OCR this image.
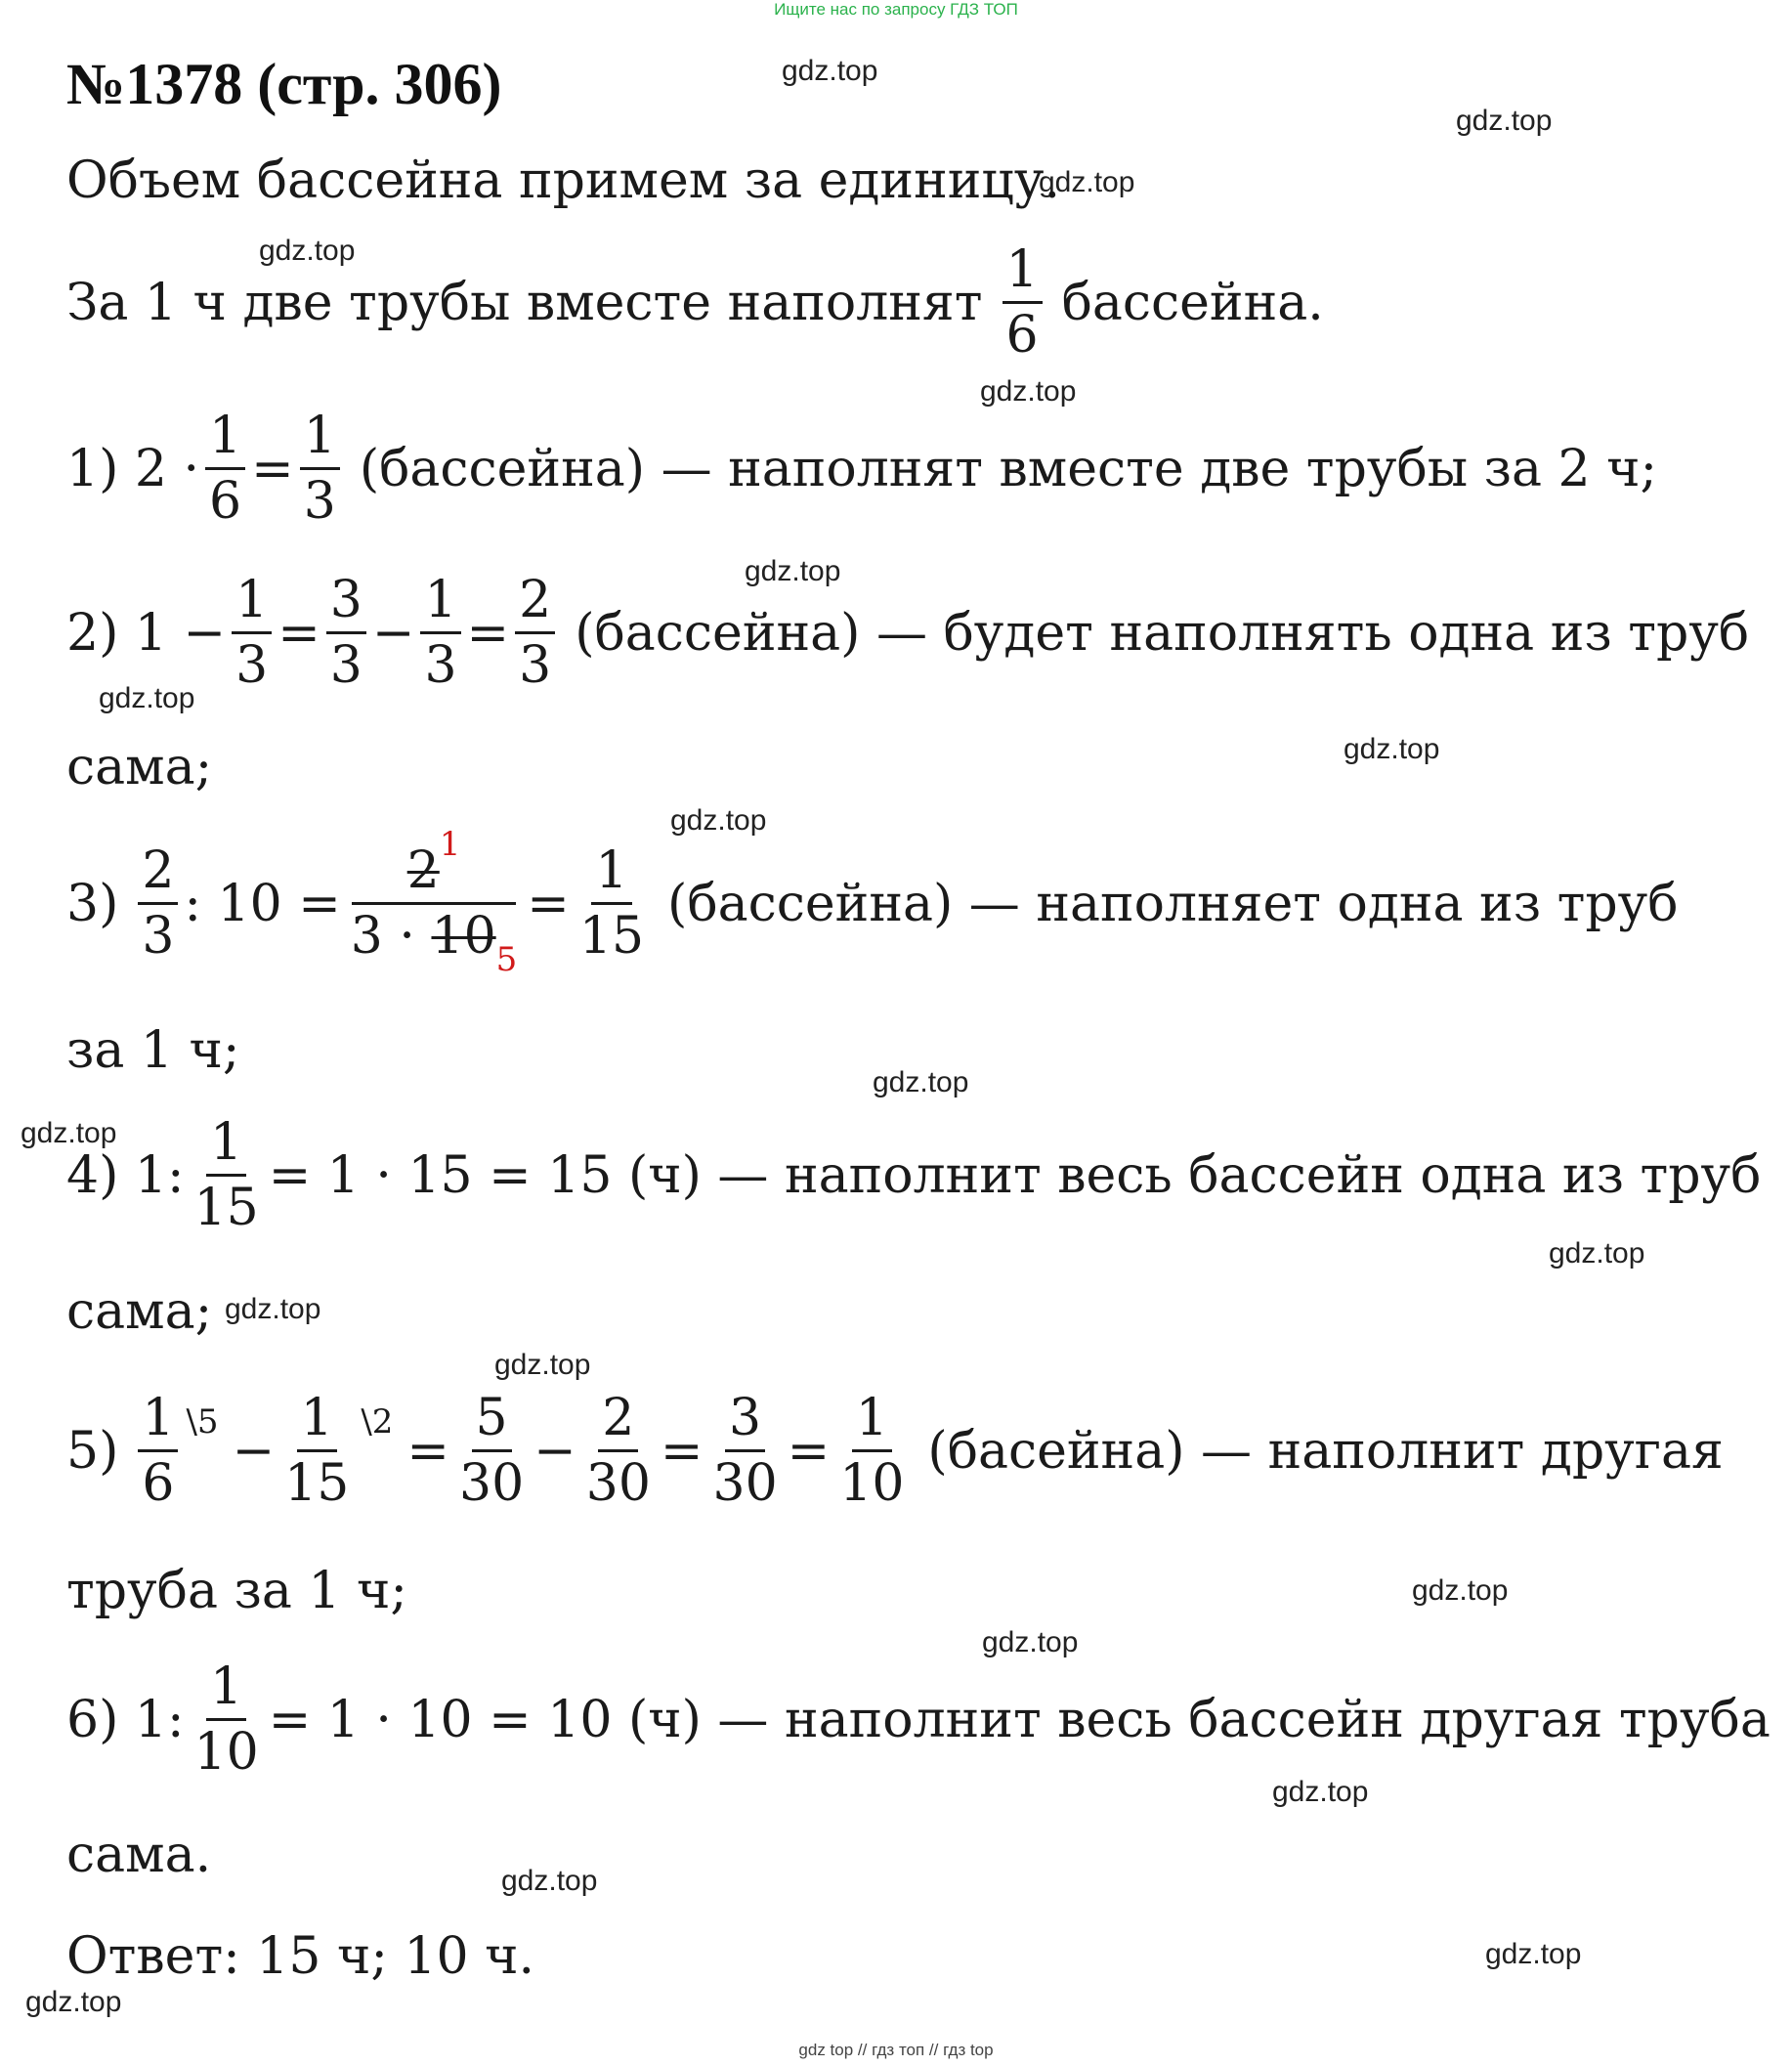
Ищите нас по запросу ГДЗ ТОП
№1378 (стр. 306)	gdz.top
gdz.top
gdz.top
gdz.top
gdz.top
gdz.top
gdz.top
gdz.top
gdz.top
gdz.top
gdz.top
gdz.top
gdz.top
gdz.top
gdz.top
gdz.top
gdz.top
gdz.top
gdz.top
gdz.top
Объем бассейна примем за единицу.
За 1 ч две трубы вместе наполнят $\frac{1}{6}$ бассейна.
1) $2 \cdot \frac{1}{6} = \frac{1}{3}$ (бассейна) — наполнят вместе две трубы за 2 ч;
2) $1 - \frac{1}{3} = \frac{3}{3} - \frac{1}{3} = \frac{2}{3}$ (бассейна) — будет наполнять одна из труб
сама;
$3) \frac{2}{3}$ : $10 = \frac{2^1}{3 \cdot 10_5} = \frac{1}{15}$ (бассейна) — наполняет одна из труб
за 1 ч;
4) 1: $\frac{1}{15} = 1 \cdot 15 = 15$ (ч) — наполнит весь бассейн одна из труб
сама;
$5) \frac{1}{6}$ \5 − $\frac{1}{15}$ \2 = $\frac{5}{30} - \frac{2}{30} = \frac{3}{30} = \frac{1}{10}$ (басейна) — наполнит другая
труба за 1 ч;
6) 1: $\frac{1}{10} = 1 \cdot 10 = 10$ (ч) — наполнит весь бассейн другая труба
сама.
Ответ: 15 ч; 10 ч.
gdz top // гдз топ // гдз top
